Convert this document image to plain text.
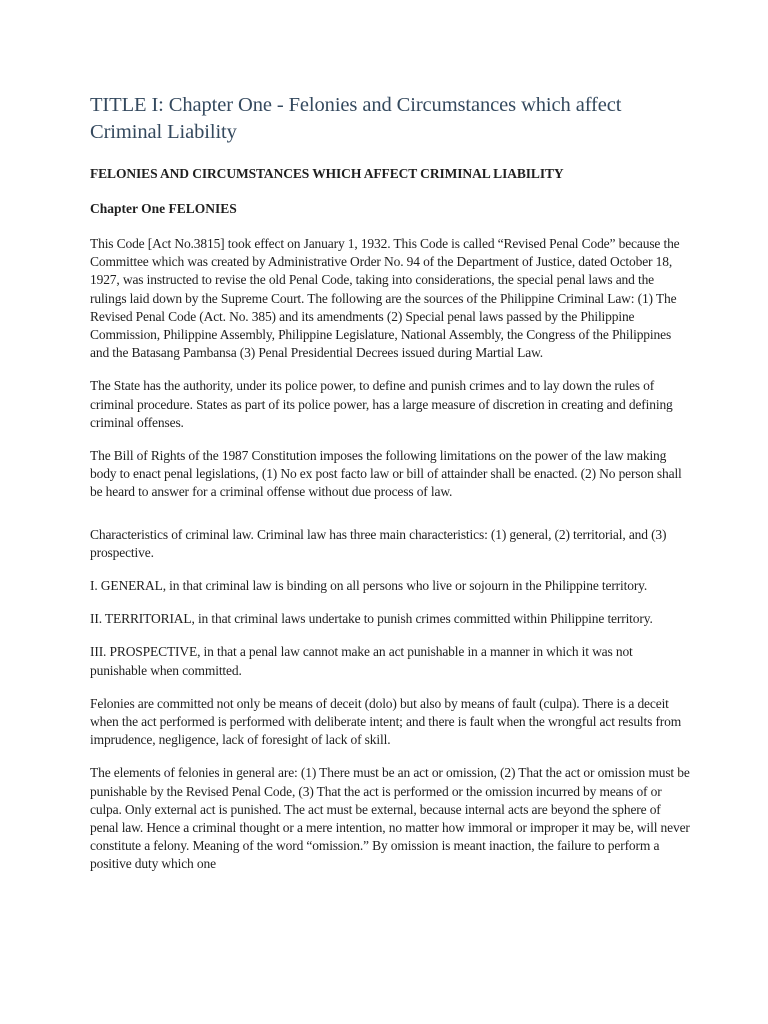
TITLE I: Chapter One - Felonies and Circumstances which affect Criminal Liability
FELONIES AND CIRCUMSTANCES WHICH AFFECT CRIMINAL LIABILITY
Chapter One FELONIES

This Code [Act No.3815] took effect on January 1, 1932. This Code is called “Revised Penal Code” because the Committee which was created by Administrative Order No. 94 of the Department of Justice, dated October 18, 1927, was instructed to revise the old Penal Code, taking into considerations, the special penal laws and the rulings laid down by the Supreme Court. The following are the sources of the Philippine Criminal Law: (1) The Revised Penal Code (Act. No. 385) and its amendments (2) Special penal laws passed by the Philippine Commission, Philippine Assembly, Philippine Legislature, National Assembly, the Congress of the Philippines and the Batasang Pambansa (3) Penal Presidential Decrees issued during Martial Law.

The State has the authority, under its police power, to define and punish crimes and to lay down the rules of criminal procedure. States as part of its police power, has a large measure of discretion in creating and defining criminal offenses.

The Bill of Rights of the 1987 Constitution imposes the following limitations on the power of the law making body to enact penal legislations, (1) No ex post facto law or bill of attainder shall be enacted. (2) No person shall be heard to answer for a criminal offense without due process of law.

Characteristics of criminal law. Criminal law has three main characteristics: (1) general, (2) territorial, and (3) prospective.

I. GENERAL, in that criminal law is binding on all persons who live or sojourn in the Philippine territory.

II. TERRITORIAL, in that criminal laws undertake to punish crimes committed within Philippine territory.

III. PROSPECTIVE, in that a penal law cannot make an act punishable in a manner in which it was not punishable when committed.

Felonies are committed not only be means of deceit (dolo) but also by means of fault (culpa). There is a deceit when the act performed is performed with deliberate intent; and there is fault when the wrongful act results from imprudence, negligence, lack of foresight of lack of skill.

The elements of felonies in general are: (1) There must be an act or omission, (2) That the act or omission must be punishable by the Revised Penal Code, (3) That the act is performed or the omission incurred by means of or culpa. Only external act is punished. The act must be external, because internal acts are beyond the sphere of penal law. Hence a criminal thought or a mere intention, no matter how immoral or improper it may be, will never constitute a felony. Meaning of the word “omission.” By omission is meant inaction, the failure to perform a positive duty which one
